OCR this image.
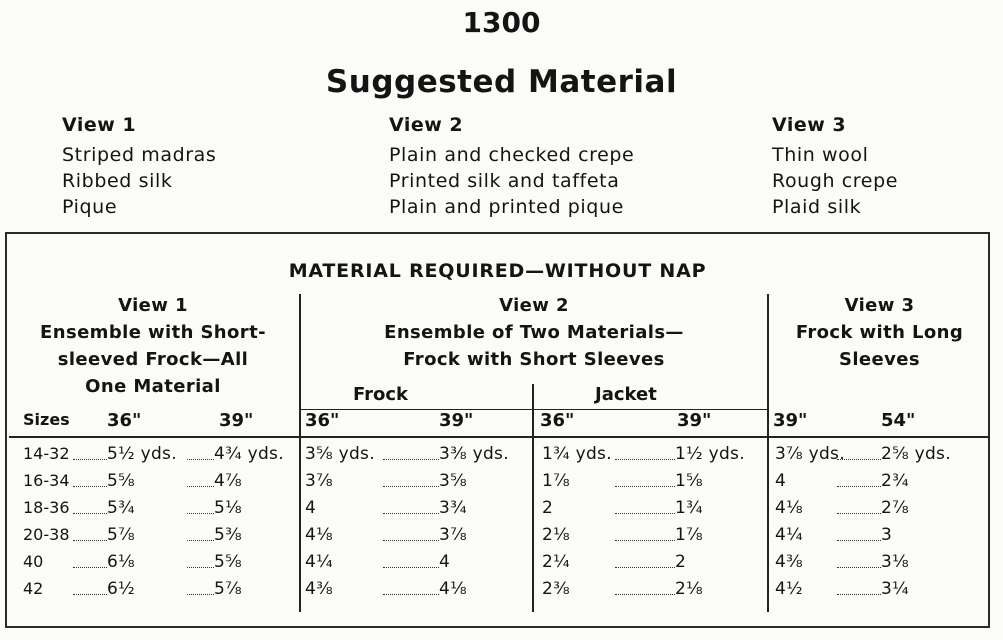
1300
Suggested Material
View 1
Striped madras
Ribbed silk
Pique
View 2
Plain and checked crepe
Printed silk and taffeta
Plain and printed pique
View 3
Thin wool
Rough crepe
Plaid silk
MATERIAL REQUIRED—WITHOUT NAP
View 1
Ensemble with Short-
sleeved Frock—All
One Material
View 2
Ensemble of Two Materials—
Frock with Short Sleeves
View 3
Frock with Long
Sleeves
Frock	Jacket
Sizes 36"	39"	36"	39"	36"	39"	39"	54"
14-32 5½ yds. 4¾ yds. 3⅝ yds.	3⅜ yds. 1¾ yds.	1½ yds. 3⅞ yds. 2⅝ yds.
16-34 5⅝	4⅞	3⅞	3⅝	1⅞	1⅝	4	2¾
18-36 5¾	5⅛	4	3¾	2	1¾	4⅛	2⅞
20-38 5⅞	5⅜	4⅛	3⅞	2⅛	1⅞	4¼	3
40	6⅛	5⅝	4¼	4	2¼	2	4⅜	3⅛
42	6½	5⅞	4⅜	4⅛	2⅜	2⅛	4½	3¼
